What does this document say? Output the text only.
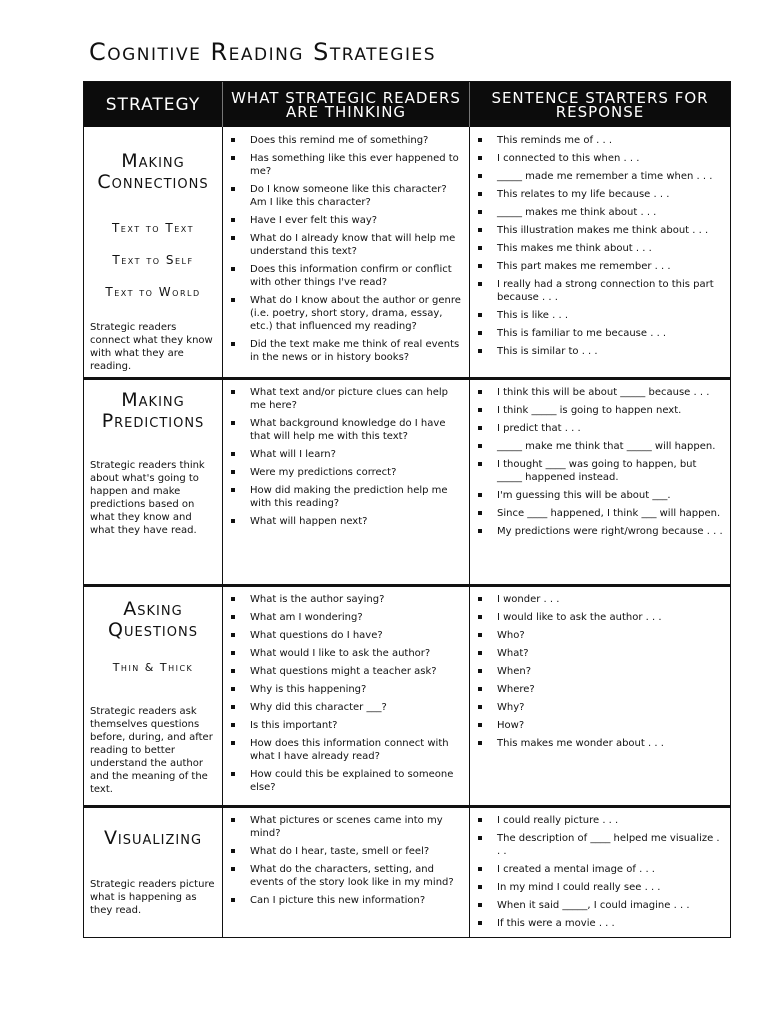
Cognitive Reading Strategies
STRATEGY	WHAT STRATEGIC READERS ARE THINKING
SENTENCE STARTERS FOR RESPONSE
Making
Connections
Text to Text
Text to Self
Text to World
Strategic readers connect what they know with what they are reading.
Does this remind me of something?
Has something like this ever happened to me?
Do I know someone like this character? Am I like this character?
Have I ever felt this way?
What do I already know that will help me understand this text?
Does this information confirm or conflict with other things I've read?
What do I know about the author or genre (i.e. poetry, short story, drama, essay, etc.) that influenced my reading?
Did the text make me think of real events in the news or in history books?
This reminds me of . . .
I connected to this when . . .
_____ made me remember a time when . . .
This relates to my life because . . .
_____ makes me think about . . .
This illustration makes me think about . . .
This makes me think about . . .
This part makes me remember . . .
I really had a strong connection to this part because . . .
This is like . . .
This is familiar to me because . . .
This is similar to . . .
Making
Predictions
Strategic readers think about what's going to happen and make predictions based on what they know and what they have read.
What text and/or picture clues can help me here?
What background knowledge do I have that will help me with this text?
What will I learn?
Were my predictions correct?
How did making the prediction help me with this reading?
What will happen next?
I think this will be about _____ because . . .
I think _____ is going to happen next.
I predict that . . .
_____ make me think that _____ will happen.
I thought ____ was going to happen, but _____ happened instead.
I'm guessing this will be about ___.
Since ____ happened, I think ___ will happen.
My predictions were right/wrong because . . .
Asking
Questions
Thin & Thick
Strategic readers ask themselves questions before, during, and after reading to better understand the author and the meaning of the text.
What is the author saying?
What am I wondering?
What questions do I have?
What would I like to ask the author?
What questions might a teacher ask?
Why is this happening?
Why did this character ___?
Is this important?
How does this information connect with what I have already read?
How could this be explained to someone else?
I wonder . . .
I would like to ask the author . . .
Who?
What?
When?
Where?
Why?
How?
This makes me wonder about . . .
Visualizing
Strategic readers picture what is happening as they read.
What pictures or scenes came into my mind?
What do I hear, taste, smell or feel?
What do the characters, setting, and events of the story look like in my mind?
Can I picture this new information?
I could really picture . . .
The description of ____ helped me visualize . . .
I created a mental image of . . .
In my mind I could really see . . .
When it said _____, I could imagine . . .
If this were a movie . . .
